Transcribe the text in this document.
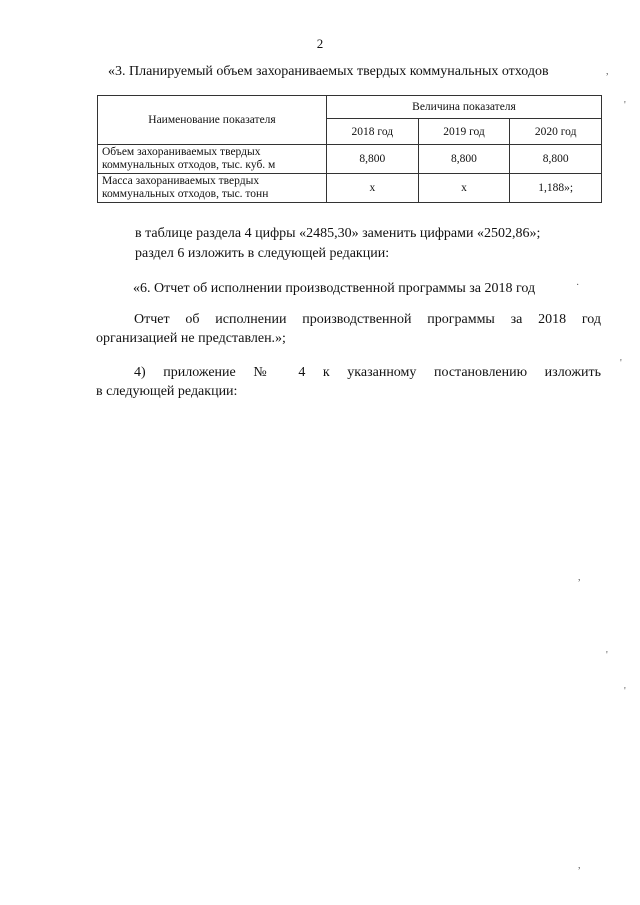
2
«3. Планируемый объем захораниваемых твердых коммунальных отходов
Наименование показателя	Величина показателя		
	2018 год	2019 год	2020 год

Объем захораниваемых твердых
коммунальных отходов, тыс. куб. м	8,800	8,800	8,800

Масса захораниваемых твердых
коммунальных отходов, тыс. тонн	х	х	1,188»;
в таблице раздела 4 цифры «2485,30» заменить цифрами «2502,86»;
раздел 6 изложить в следующей редакции:
«6. Отчет об исполнении производственной программы за 2018 год
Отчет об исполнении производственной программы за 2018 год
организацией не представлен.»;
4) приложение № 4 к указанному постановлению изложить
в следующей редакции:
,
'
·
'
,
'
'
,
